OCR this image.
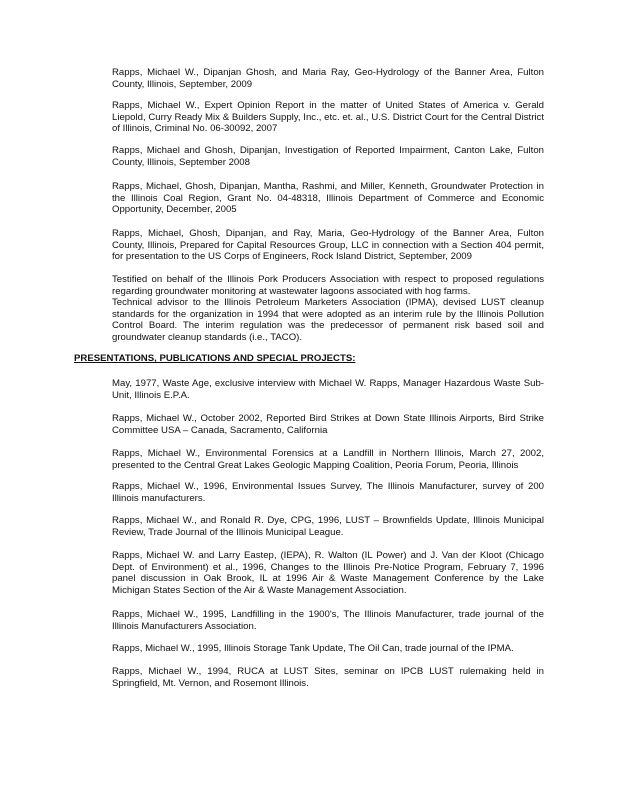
Rapps, Michael W., Dipanjan Ghosh, and Maria Ray, Geo-Hydrology of the Banner Area, Fulton County, Illinois, September, 2009

Rapps, Michael W., Expert Opinion Report in the matter of United States of America v. Gerald Liepold, Curry Ready Mix & Builders Supply, Inc., etc. et. al., U.S. District Court for the Central District of Illinois, Criminal No. 06-30092, 2007

Rapps, Michael and Ghosh, Dipanjan, Investigation of Reported Impairment, Canton Lake, Fulton County, Illinois, September 2008

Rapps, Michael, Ghosh, Dipanjan, Mantha, Rashmi, and Miller, Kenneth, Groundwater Protection in the Illinois Coal Region, Grant No. 04-48318, Illinois Department of Commerce and Economic Opportunity, December, 2005

Rapps, Michael, Ghosh, Dipanjan, and Ray, Maria, Geo-Hydrology of the Banner Area, Fulton County, Illinois, Prepared for Capital Resources Group, LLC in connection with a Section 404 permit, for presentation to the US Corps of Engineers, Rock Island District, September, 2009

Testified on behalf of the Illinois Pork Producers Association with respect to proposed regulations regarding groundwater monitoring at wastewater lagoons associated with hog farms.

Technical advisor to the Illinois Petroleum Marketers Association (IPMA), devised LUST cleanup standards for the organization in 1994 that were adopted as an interim rule by the Illinois Pollution Control Board. The interim regulation was the predecessor of permanent risk based soil and groundwater cleanup standards (i.e., TACO).

PRESENTATIONS, PUBLICATIONS AND SPECIAL PROJECTS:

May, 1977, Waste Age, exclusive interview with Michael W. Rapps, Manager Hazardous Waste Sub-Unit, Illinois E.P.A.

Rapps, Michael W., October 2002, Reported Bird Strikes at Down State Illinois Airports, Bird Strike Committee USA – Canada, Sacramento, California

Rapps, Michael W., Environmental Forensics at a Landfill in Northern Illinois, March 27, 2002, presented to the Central Great Lakes Geologic Mapping Coalition, Peoria Forum, Peoria, Illinois

Rapps, Michael W., 1996, Environmental Issues Survey, The Illinois Manufacturer, survey of 200 Illinois manufacturers.

Rapps, Michael W., and Ronald R. Dye, CPG, 1996, LUST – Brownfields Update, Illinois Municipal Review, Trade Journal of the Illinois Municipal League.

Rapps, Michael W. and Larry Eastep, (IEPA), R. Walton (IL Power) and J. Van der Kloot (Chicago Dept. of Environment) et al., 1996, Changes to the Illinois Pre-Notice Program, February 7, 1996 panel discussion in Oak Brook, IL at 1996 Air & Waste Management Conference by the Lake Michigan States Section of the Air & Waste Management Association.

Rapps, Michael W., 1995, Landfilling in the 1900's, The Illinois Manufacturer, trade journal of the Illinois Manufacturers Association.

Rapps, Michael W., 1995, Illinois Storage Tank Update, The Oil Can, trade journal of the IPMA.

Rapps, Michael W., 1994, RUCA at LUST Sites, seminar on IPCB LUST rulemaking held in Springfield, Mt. Vernon, and Rosemont Illinois.
